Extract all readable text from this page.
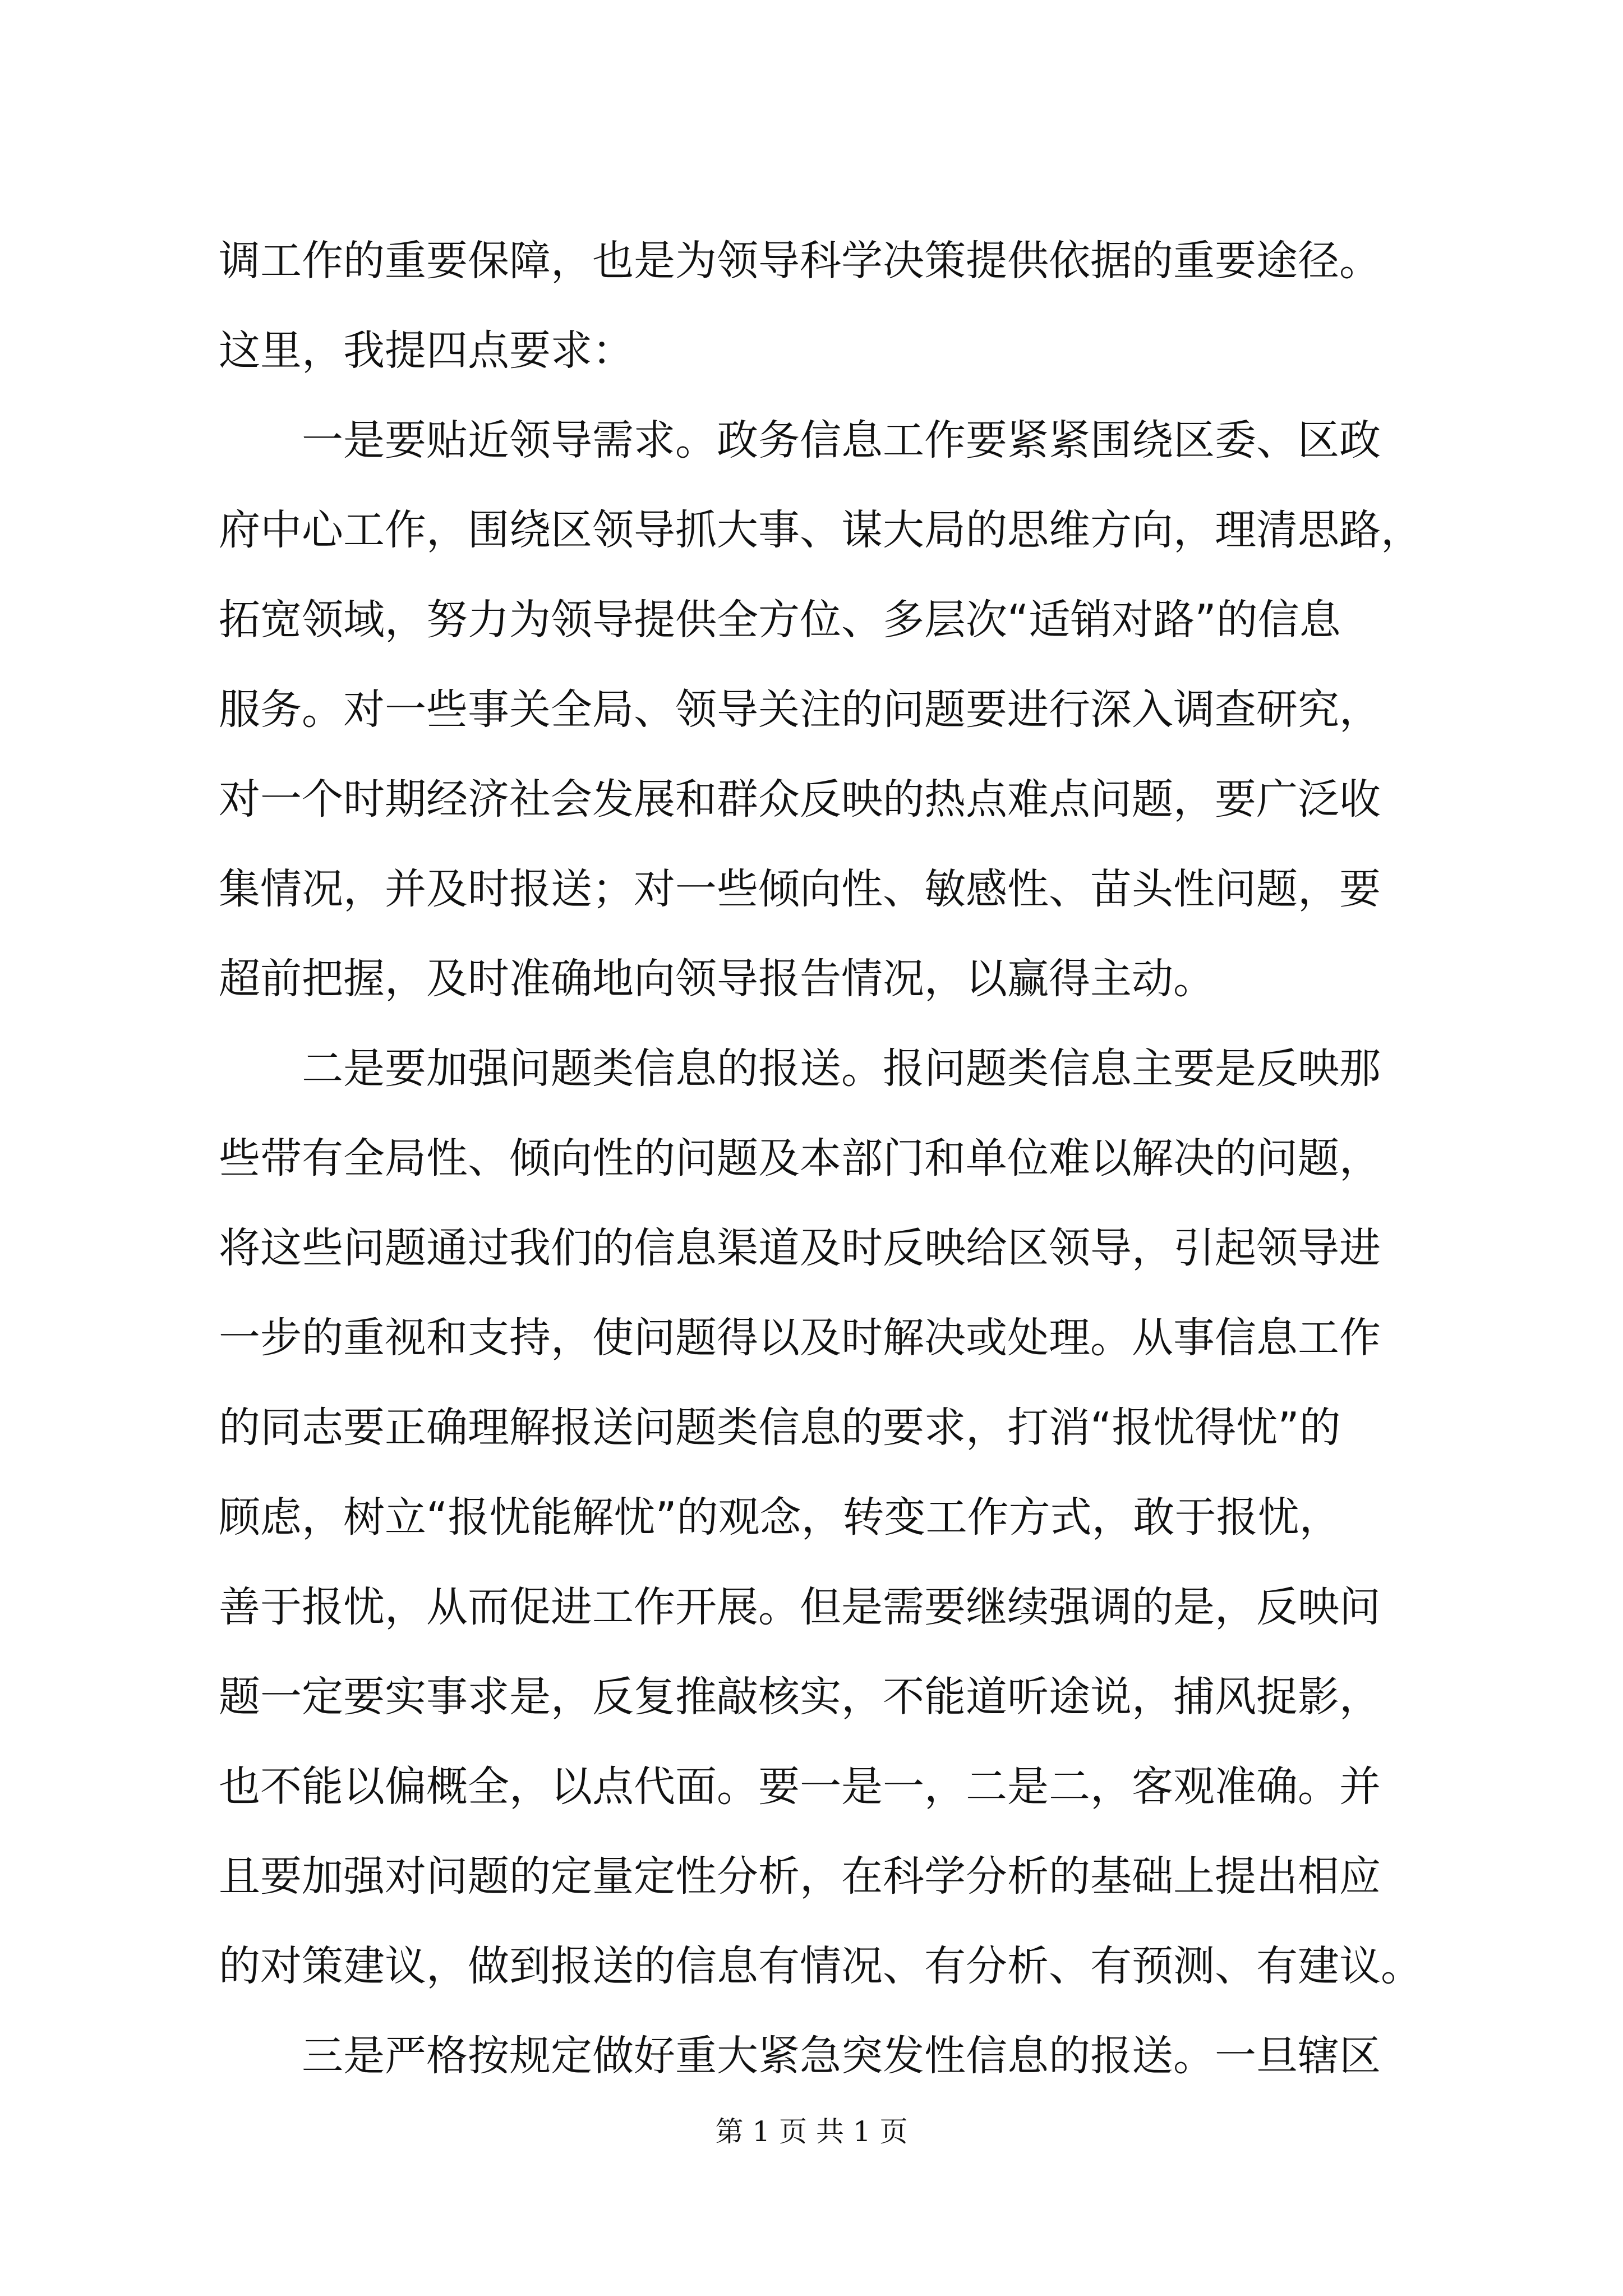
调工作的重要保障，也是为领导科学决策提供依据的重要途径。
这里，我提四点要求：
一是要贴近领导需求。政务信息工作要紧紧围绕区委、区政
府中心工作，围绕区领导抓大事、谋大局的思维方向，理清思路，
拓宽领域，努力为领导提供全方位、多层次“适销对路”的信息
服务。对一些事关全局、领导关注的问题要进行深入调查研究，
对一个时期经济社会发展和群众反映的热点难点问题，要广泛收
集情况，并及时报送；对一些倾向性、敏感性、苗头性问题，要
超前把握，及时准确地向领导报告情况，以赢得主动。
二是要加强问题类信息的报送。报问题类信息主要是反映那
些带有全局性、倾向性的问题及本部门和单位难以解决的问题，
将这些问题通过我们的信息渠道及时反映给区领导，引起领导进
一步的重视和支持，使问题得以及时解决或处理。从事信息工作
的同志要正确理解报送问题类信息的要求，打消“报忧得忧”的
顾虑，树立“报忧能解忧”的观念，转变工作方式，敢于报忧，
善于报忧，从而促进工作开展。但是需要继续强调的是，反映问
题一定要实事求是，反复推敲核实，不能道听途说，捕风捉影，
也不能以偏概全，以点代面。要一是一，二是二，客观准确。并
且要加强对问题的定量定性分析，在科学分析的基础上提出相应
的对策建议，做到报送的信息有情况、有分析、有预测、有建议。
三是严格按规定做好重大紧急突发性信息的报送。一旦辖区
第 1 页 共 1 页
